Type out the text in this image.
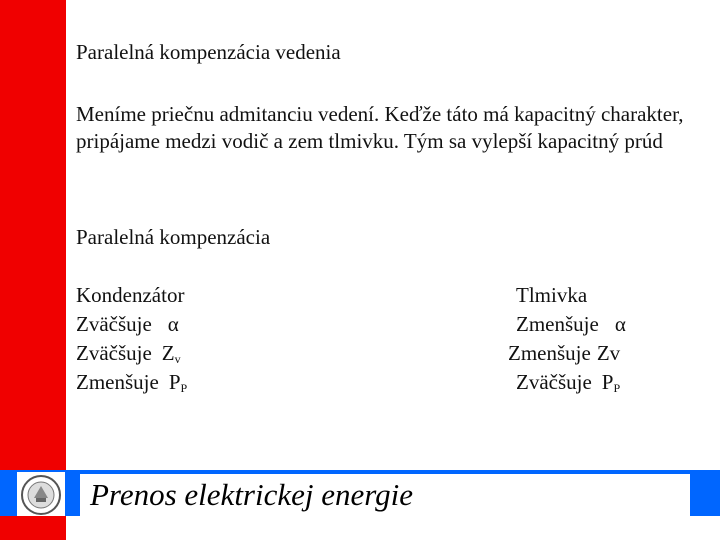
Paralelná kompenzácia vedenia
Meníme priečnu admitanciu vedení. Keďže táto má kapacitný charakter, pripájame medzi vodič a zem tlmivku. Tým sa vylepší kapacitný prúd
Paralelná kompenzácia
Kondenzátor
Zväčšuje α
Zväčšuje $Z_v$
Zmenšuje $P_P$
Tlmivka
Zmenšuje α
Zmenšuje Zv
Zväčšuje $P_P$
Prenos elektrickej energie
